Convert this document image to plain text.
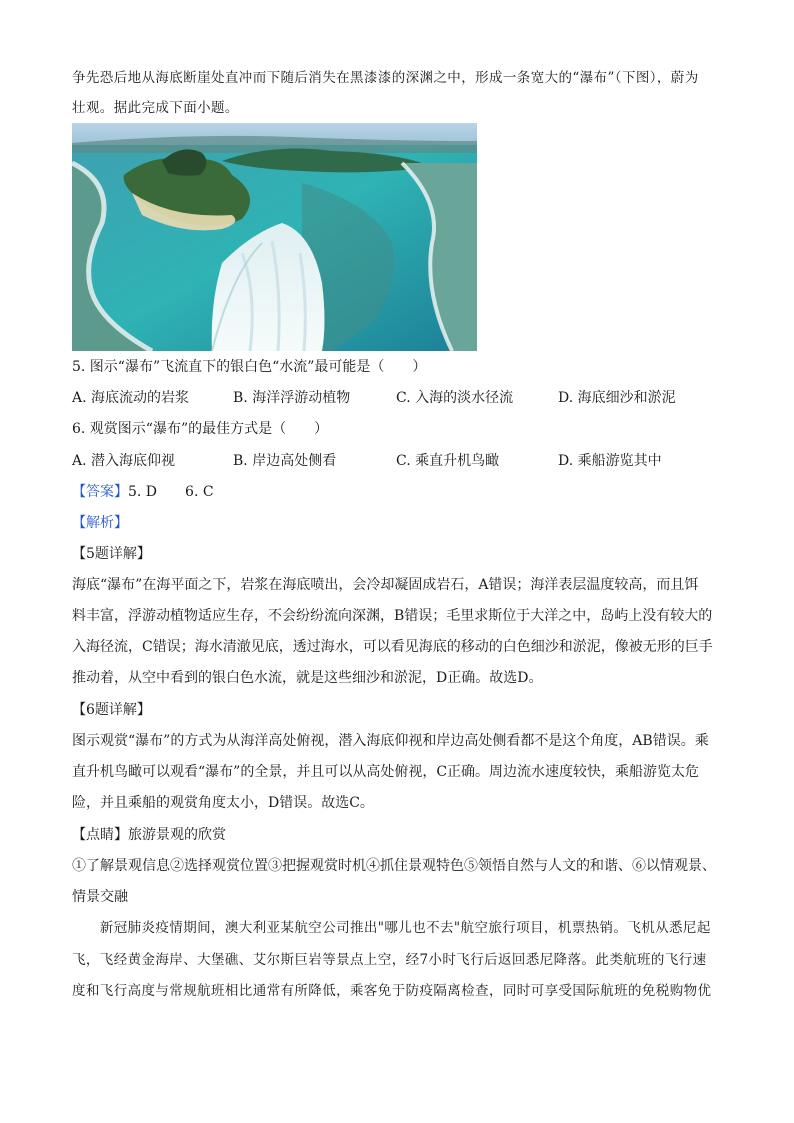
争先恐后地从海底断崖处直冲而下随后消失在黑漆漆的深渊之中，形成一条宽大的“瀑布”（下图），蔚为
壮观。据此完成下面小题。
5. 图示“瀑布”飞流直下的银白色“水流”最可能是（　　）
A. 海底流动的岩浆	B. 海洋浮游动植物	C. 入海的淡水径流	D. 海底细沙和淤泥
6. 观赏图示“瀑布”的最佳方式是（　　）
A. 潜入海底仰视	B. 岸边高处侧看	C. 乘直升机鸟瞰	D. 乘船游览其中
【答案】5. D　　6. C
【解析】
【5题详解】
海底“瀑布”在海平面之下，岩浆在海底喷出，会冷却凝固成岩石，A错误；海洋表层温度较高，而且饵
料丰富，浮游动植物适应生存，不会纷纷流向深渊，B错误；毛里求斯位于大洋之中，岛屿上没有较大的
入海径流，C错误；海水清澈见底，透过海水，可以看见海底的移动的白色细沙和淤泥，像被无形的巨手
推动着，从空中看到的银白色水流，就是这些细沙和淤泥，D正确。故选D。
【6题详解】
图示观赏“瀑布”的方式为从海洋高处俯视，潜入海底仰视和岸边高处侧看都不是这个角度，AB错误。乘
直升机鸟瞰可以观看“瀑布”的全景，并且可以从高处俯视，C正确。周边流水速度较快，乘船游览太危
险，并且乘船的观赏角度太小，D错误。故选C。
【点睛】旅游景观的欣赏
①了解景观信息②选择观赏位置③把握观赏时机④抓住景观特色⑤领悟自然与人文的和谐、⑥以情观景、
情景交融
　　新冠肺炎疫情期间，澳大利亚某航空公司推出"哪儿也不去"航空旅行项目，机票热销。飞机从悉尼起
飞，飞经黄金海岸、大堡礁、艾尔斯巨岩等景点上空，经7小时飞行后返回悉尼降落。此类航班的飞行速
度和飞行高度与常规航班相比通常有所降低，乘客免于防疫隔离检查，同时可享受国际航班的免税购物优
